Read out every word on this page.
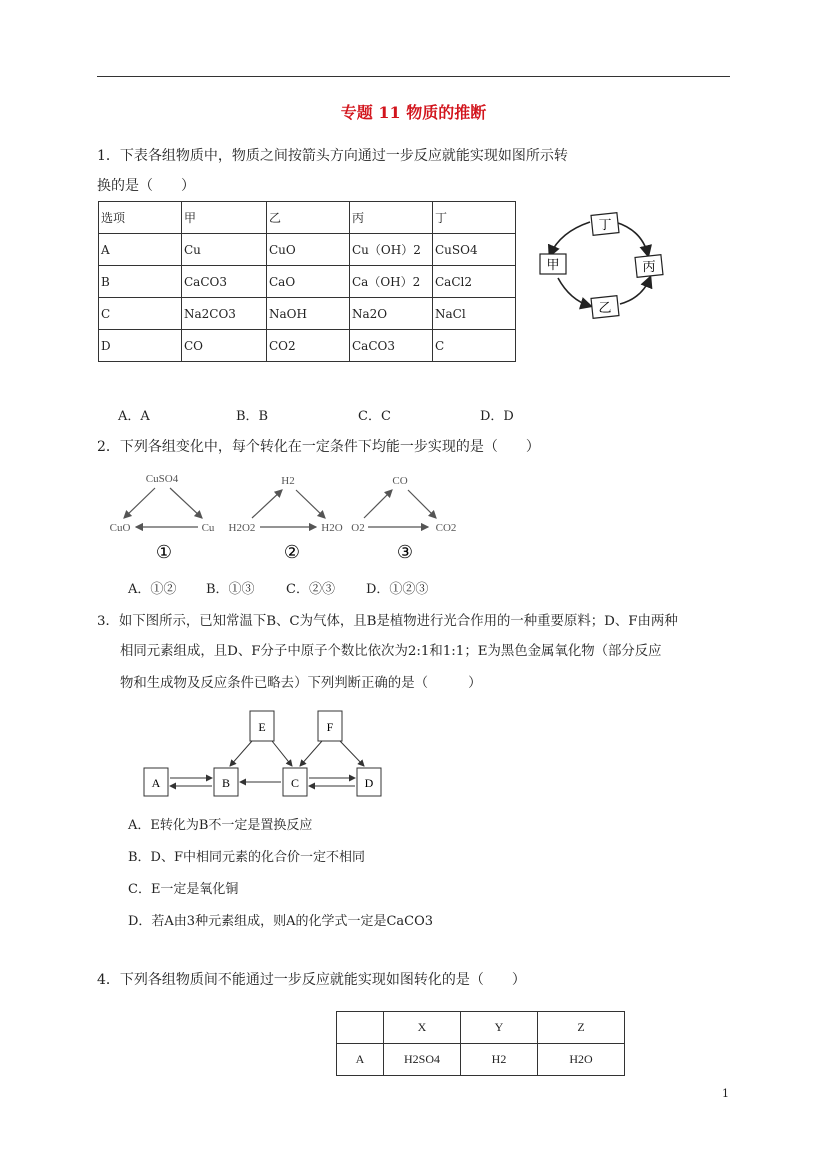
专题 11 物质的推断
1．下表各组物质中，物质之间按箭头方向通过一步反应就能实现如图所示转
换的是（　　）
选项	甲	乙	丙	丁
A	Cu	CuO	Cu（OH）2	CuSO4
B	CaCO3	CaO	Ca（OH）2	CaCl2
C	Na2CO3	NaOH	Na2O	NaCl
D	CO	CO2	CaCO3	C
丁
丙
乙
甲
A．A	B．B	C．C	D．D
2．下列各组变化中，每个转化在一定条件下均能一步实现的是（　　）
CuSO4
CuO	Cu
①
H2
H2O2	H2O
②
CO
O2	CO2
③
A．①② B．①③ C．②③ D．①②③
3．如下图所示，已知常温下B、C为气体，且B是植物进行光合作用的一种重要原料；D、F由两种
相同元素组成，且D、F分子中原子个数比依次为2:1和1:1；E为黑色金属氧化物（部分反应
物和生成物及反应条件已略去）下列判断正确的是（　　　）
E	F
A	B	C	D
A．E转化为B不一定是置换反应
B．D、F中相同元素的化合价一定不相同
C．E一定是氧化铜
D．若A由3种元素组成，则A的化学式一定是CaCO3
4．下列各组物质间不能通过一步反应就能实现如图转化的是（　　）
	X	Y	Z
A	H2SO4	H2	H2O
1
